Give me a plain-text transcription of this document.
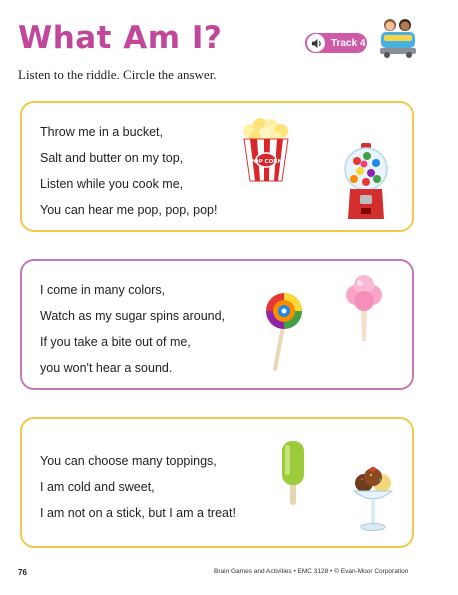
What Am I?	Track 4
Listen to the riddle. Circle the answer.
Throw me in a bucket,
Salt and butter on my top,
Listen while you cook me,
You can hear me pop, pop, pop!
POP CORN
I come in many colors,
Watch as my sugar spins around,
If you take a bite out of me,
you won't hear a sound.
You can choose many toppings,
I am cold and sweet,
I am not on a stick, but I am a treat!
76	Brain Games and Activities • EMC 3128 • © Evan-Moor Corporation
